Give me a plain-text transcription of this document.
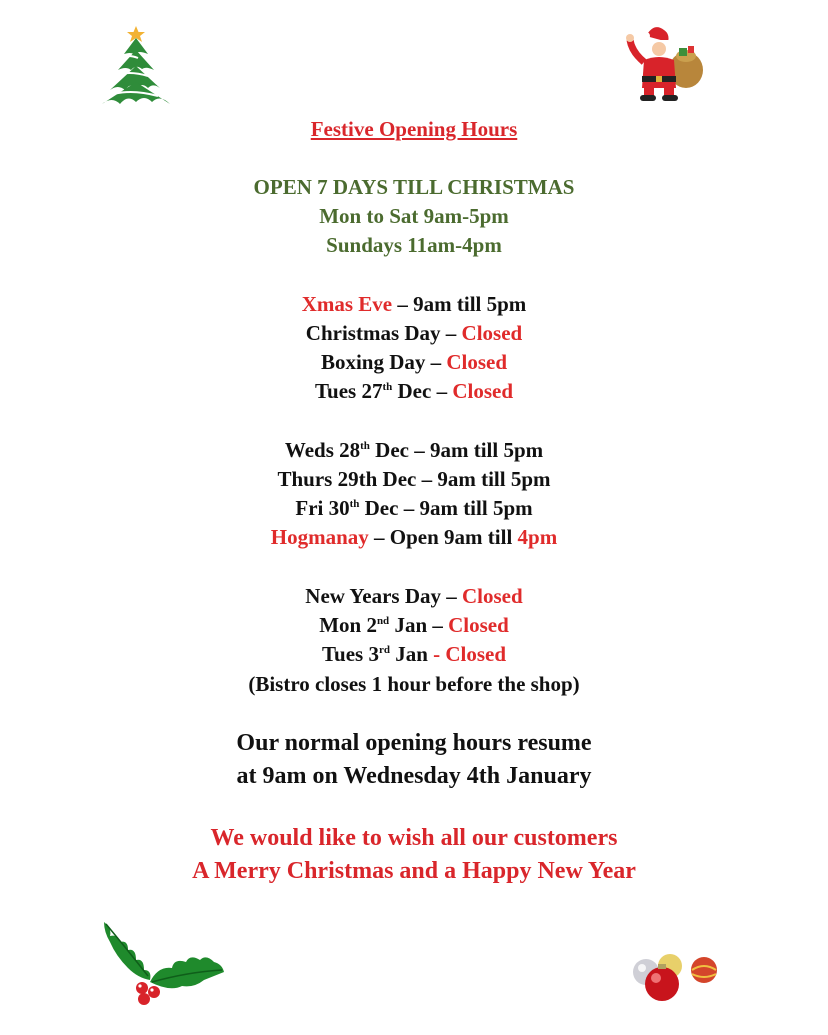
Festive Opening Hours
OPEN 7 DAYS TILL CHRISTMAS
Mon to Sat 9am-5pm
Sundays 11am-4pm
Xmas Eve – 9am till 5pm
Christmas Day – Closed
Boxing Day – Closed
Tues 27th Dec – Closed
Weds 28th Dec – 9am till 5pm
Thurs 29th Dec – 9am till 5pm
Fri 30th Dec – 9am till 5pm
Hogmanay – Open 9am till 4pm
New Years Day – Closed
Mon 2nd Jan – Closed
Tues 3rd Jan - Closed
(Bistro closes 1 hour before the shop)
Our normal opening hours resume
at 9am on Wednesday 4th January
We would like to wish all our customers
A Merry Christmas and a Happy New Year
